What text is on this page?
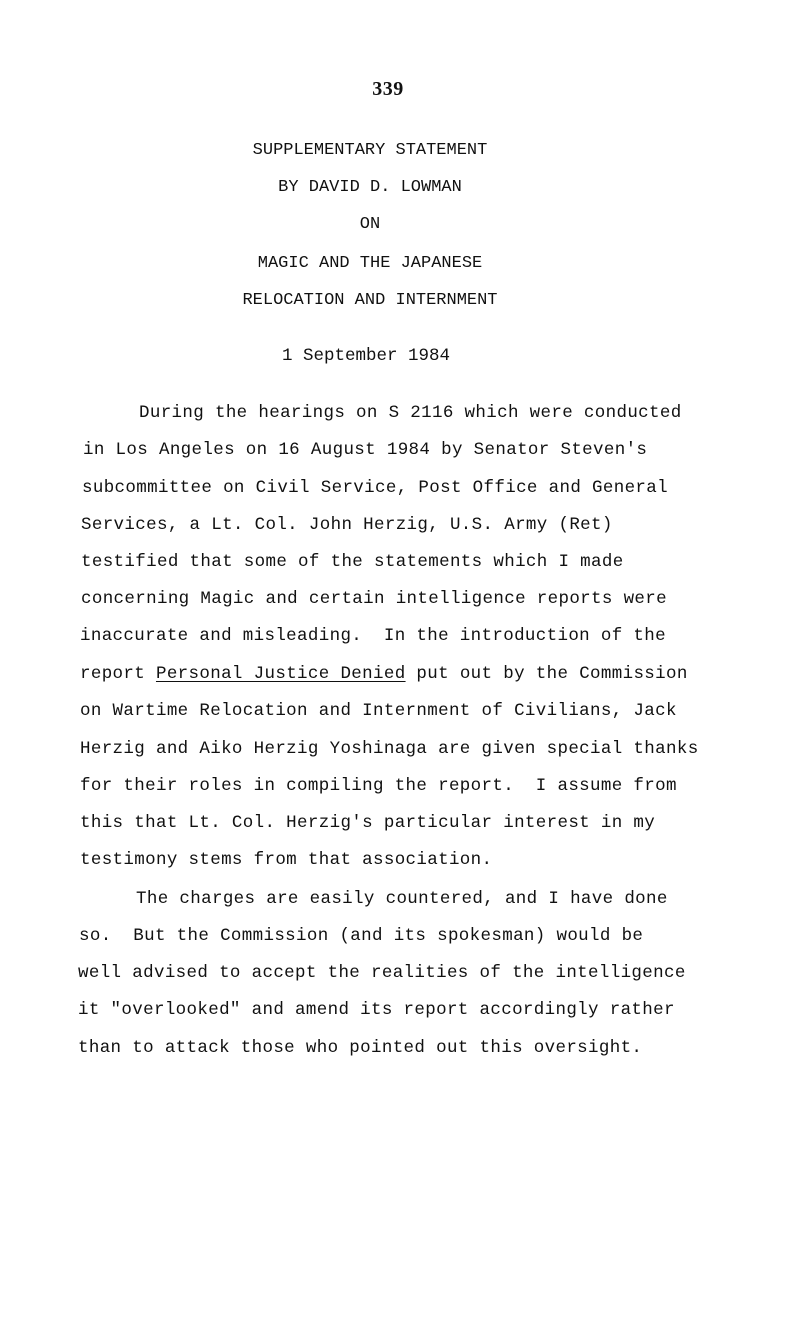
339
SUPPLEMENTARY STATEMENT
BY DAVID D. LOWMAN
ON
MAGIC AND THE JAPANESE
RELOCATION AND INTERNMENT
1 September 1984
During the hearings on S 2116 which were conducted
in Los Angeles on 16 August 1984 by Senator Steven's
subcommittee on Civil Service, Post Office and General
Services, a Lt. Col. John Herzig, U.S. Army (Ret)
testified that some of the statements which I made
concerning Magic and certain intelligence reports were
inaccurate and misleading.  In the introduction of the
report Personal Justice Denied put out by the Commission
on Wartime Relocation and Internment of Civilians, Jack
Herzig and Aiko Herzig Yoshinaga are given special thanks
for their roles in compiling the report.  I assume from
this that Lt. Col. Herzig's particular interest in my
testimony stems from that association.
The charges are easily countered, and I have done
so.  But the Commission (and its spokesman) would be
well advised to accept the realities of the intelligence
it "overlooked" and amend its report accordingly rather
than to attack those who pointed out this oversight.
